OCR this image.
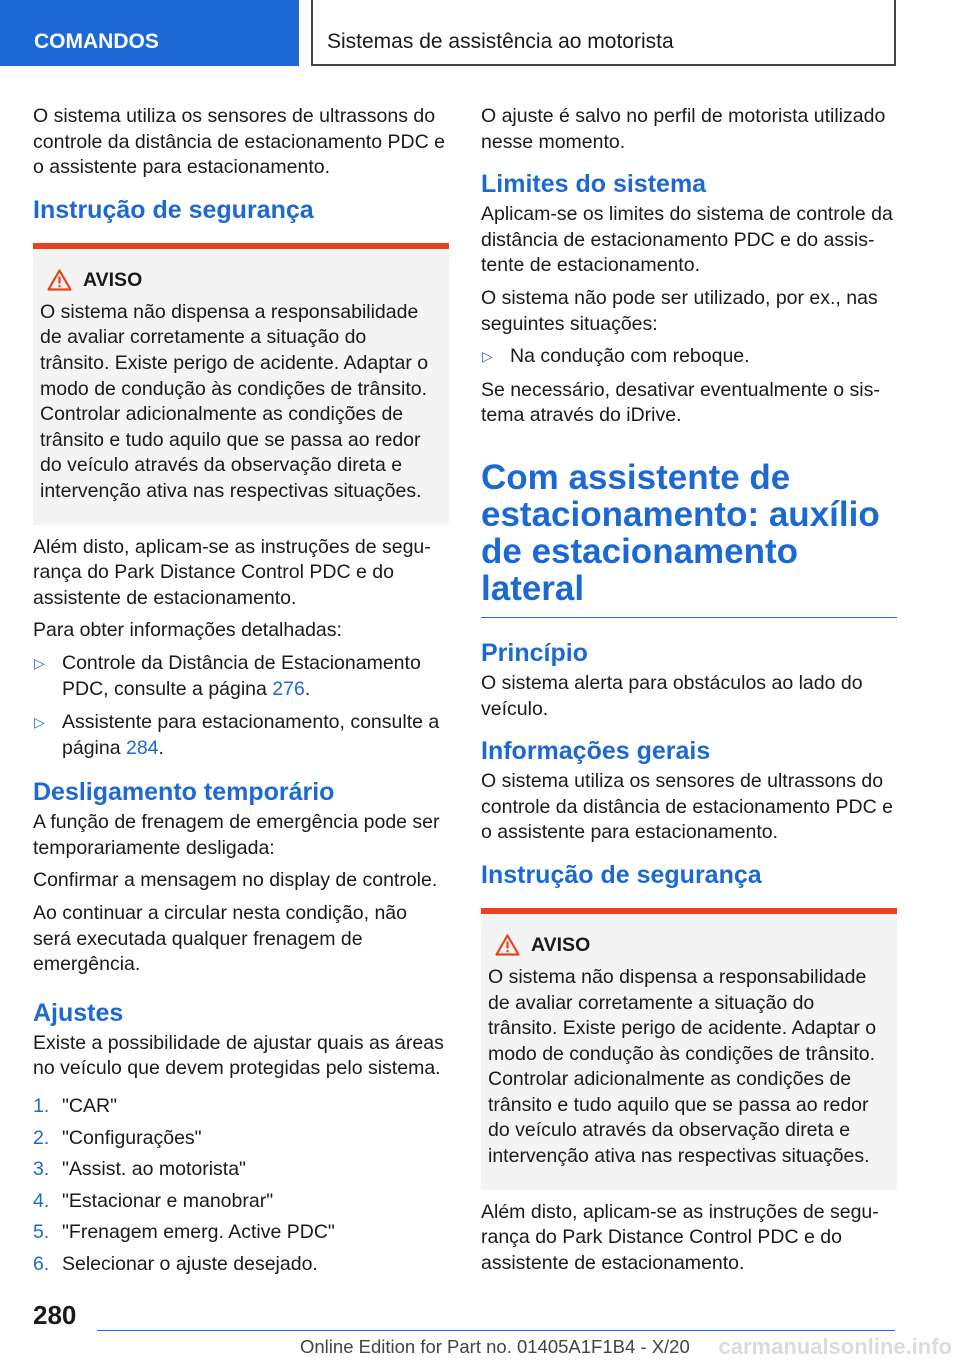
COMANDOS	Sistemas de assistência ao motorista

O sistema utiliza os sensores de ultrassons do controle da distância de estacionamento PDC e o assistente para estacionamento.

Instrução de segurança
AVISO

O sistema não dispensa a responsabilidade de avaliar corretamente a situação do trânsito. Existe perigo de acidente. Adaptar o modo de condução às condições de trânsito. Controlar adicionalmente as condições de trânsito e tudo aquilo que se passa ao redor do veículo através da observação direta e intervenção ativa nas respectivas situações.

Além disto, aplicam-se as instruções de segurança do Park Distance Control PDC e do assistente de estacionamento.

Para obter informações detalhadas:

▷ Controle da Distância de Estacionamento PDC, consulte a página 276.
▷ Assistente para estacionamento, consulte a página 284.
Desligamento temporário

A função de frenagem de emergência pode ser temporariamente desligada:

Confirmar a mensagem no display de controle.

Ao continuar a circular nesta condição, não será executada qualquer frenagem de emergência.

Ajustes

Existe a possibilidade de ajustar quais as áreas no veículo que devem protegidas pelo sistema.

1. "CAR"
2. "Configurações"
3. "Assist. ao motorista"
4. "Estacionar e manobrar"
5. "Frenagem emerg. Active PDC"
6. Selecionar o ajuste desejado.

O ajuste é salvo no perfil de motorista utilizado nesse momento.

Limites do sistema

Aplicam-se os limites do sistema de controle da distância de estacionamento PDC e do assistente de estacionamento.

O sistema não pode ser utilizado, por ex., nas seguintes situações:

▷ Na condução com reboque.

Se necessário, desativar eventualmente o sistema através do iDrive.

Com assistente de estacionamento: auxílio de estacionamento lateral
Princípio

O sistema alerta para obstáculos ao lado do veículo.

Informações gerais

O sistema utiliza os sensores de ultrassons do controle da distância de estacionamento PDC e o assistente para estacionamento.

Instrução de segurança
AVISO

O sistema não dispensa a responsabilidade de avaliar corretamente a situação do trânsito. Existe perigo de acidente. Adaptar o modo de condução às condições de trânsito. Controlar adicionalmente as condições de trânsito e tudo aquilo que se passa ao redor do veículo através da observação direta e intervenção ativa nas respectivas situações.

Além disto, aplicam-se as instruções de segurança do Park Distance Control PDC e do assistente de estacionamento.

280
Online Edition for Part no. 01405A1F1B4 - X/20	carmanualsonline.info
